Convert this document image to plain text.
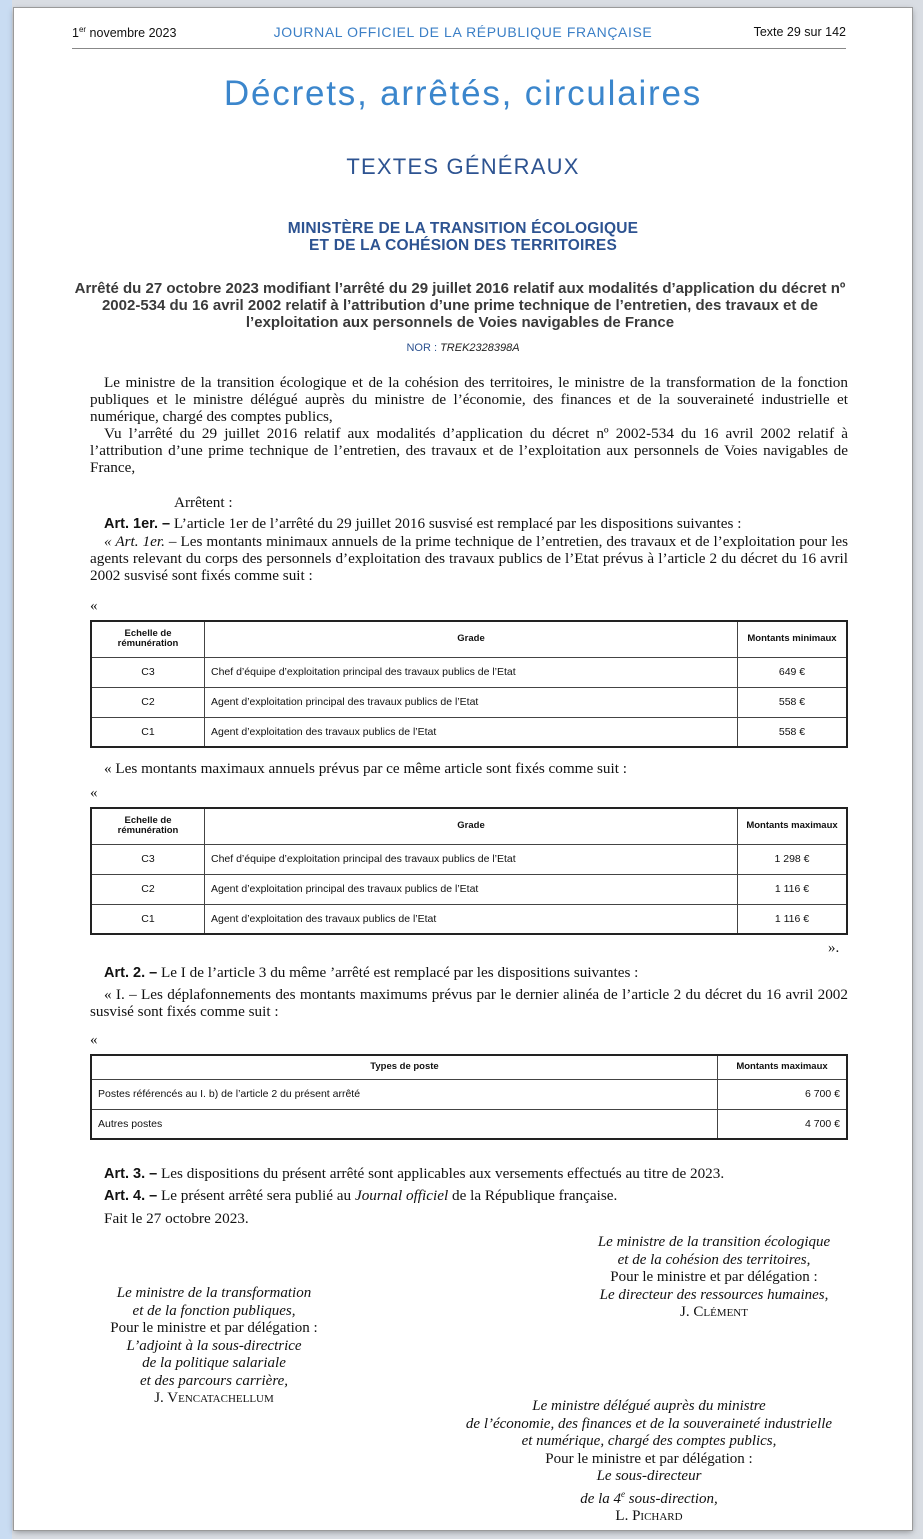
1er novembre 2023	JOURNAL OFFICIEL DE LA RÉPUBLIQUE FRANÇAISE	Texte 29 sur 142
Décrets, arrêtés, circulaires
TEXTES GÉNÉRAUX
MINISTÈRE DE LA TRANSITION ÉCOLOGIQUE
ET DE LA COHÉSION DES TERRITOIRES
Arrêté du 27 octobre 2023 modifiant l’arrêté du 29 juillet 2016 relatif aux modalités d’application du décret nº 2002-534 du 16 avril 2002 relatif à l’attribution d’une prime technique de l’entretien, des travaux et de l’exploitation aux personnels de Voies navigables de France
NOR : TREK2328398A

Le ministre de la transition écologique et de la cohésion des territoires, le ministre de la transformation de la fonction publiques et le ministre délégué auprès du ministre de l’économie, des finances et de la souveraineté industrielle et numérique, chargé des comptes publics,

Vu l’arrêté du 29 juillet 2016 relatif aux modalités d’application du décret nº 2002-534 du 16 avril 2002 relatif à l’attribution d’une prime technique de l’entretien, des travaux et de l’exploitation aux personnels de Voies navigables de France,

Arrêtent :

Art. 1er. – L’article 1er de l’arrêté du 29 juillet 2016 susvisé est remplacé par les dispositions suivantes :

« Art. 1er. – Les montants minimaux annuels de la prime technique de l’entretien, des travaux et de l’exploitation pour les agents relevant du corps des personnels d’exploitation des travaux publics de l’Etat prévus à l’article 2 du décret du 16 avril 2002 susvisé sont fixés comme suit :

«
Echelle de rémunération	Grade	Montants minimaux
C3	Chef d’équipe d’exploitation principal des travaux publics de l’Etat	649 €
C2	Agent d’exploitation principal des travaux publics de l’Etat	558 €
C1	Agent d’exploitation des travaux publics de l’Etat	558 €

« Les montants maximaux annuels prévus par ce même article sont fixés comme suit :

«
Echelle de rémunération	Grade	Montants maximaux
C3	Chef d’équipe d’exploitation principal des travaux publics de l’Etat	1 298 €
C2	Agent d’exploitation principal des travaux publics de l’Etat	1 116 €
C1	Agent d’exploitation des travaux publics de l’Etat	1 116 €
».

Art. 2. – Le I de l’article 3 du même ’arrêté est remplacé par les dispositions suivantes :

« I. – Les déplafonnements des montants maximums prévus par le dernier alinéa de l’article 2 du décret du 16 avril 2002 susvisé sont fixés comme suit :

«
Types de poste	Montants maximaux
Postes référencés au I. b) de l’article 2 du présent arrêté	6 700 €
Autres postes	4 700 €

Art. 3. – Les dispositions du présent arrêté sont applicables aux versements effectués au titre de 2023.

Art. 4. – Le présent arrêté sera publié au Journal officiel de la République française.

Fait le 27 octobre 2023.

Le ministre de la transition écologique
et de la cohésion des territoires,
Pour le ministre et par délégation :
Le directeur des ressources humaines,
J. Clément
Le ministre de la transformation
et de la fonction publiques,
Pour le ministre et par délégation :
L’adjoint à la sous-directrice
de la politique salariale
et des parcours carrière,
J. Vencatachellum	Le ministre délégué auprès du ministre
de l’économie, des finances et de la souveraineté industrielle
et numérique, chargé des comptes publics,
Pour le ministre et par délégation :
Le sous-directeur
de la 4e sous-direction,
L. Pichard
